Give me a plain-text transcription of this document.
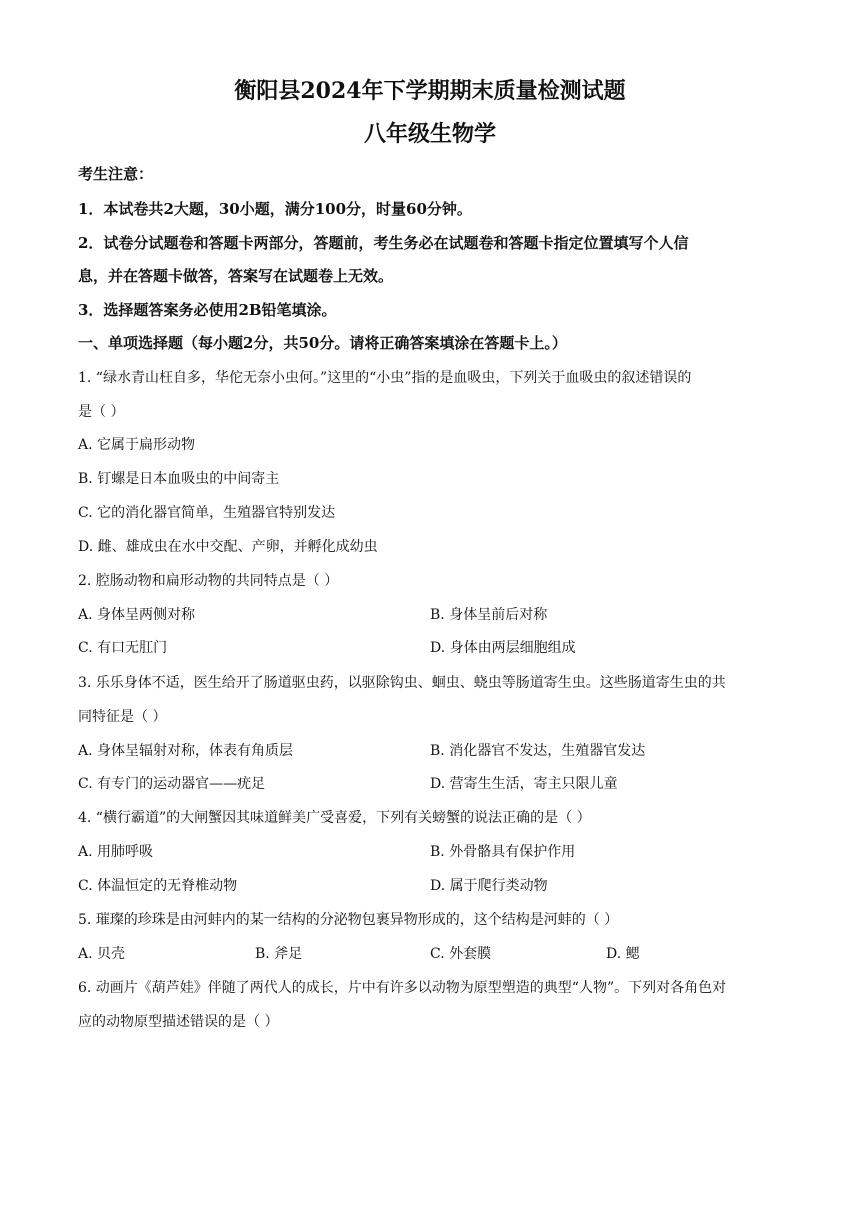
衡阳县2024年下学期期末质量检测试题
八年级生物学
考生注意：
1．本试卷共2大题，30小题，满分100分，时量60分钟。
2．试卷分试题卷和答题卡两部分，答题前，考生务必在试题卷和答题卡指定位置填写个人信
息，并在答题卡做答，答案写在试题卷上无效。
3．选择题答案务必使用2B铅笔填涂。
一、单项选择题（每小题2分，共50分。请将正确答案填涂在答题卡上。）
1. “绿水青山枉自多，华佗无奈小虫何。”这里的“小虫”指的是血吸虫，下列关于血吸虫的叙述错误的
是（ ）
A. 它属于扁形动物
B. 钉螺是日本血吸虫的中间寄主
C. 它的消化器官简单，生殖器官特别发达
D. 雌、雄成虫在水中交配、产卵，并孵化成幼虫
2. 腔肠动物和扁形动物的共同特点是（ ）
A. 身体呈两侧对称	B. 身体呈前后对称
C. 有口无肛门	D. 身体由两层细胞组成
3. 乐乐身体不适，医生给开了肠道驱虫药，以驱除钩虫、蛔虫、蛲虫等肠道寄生虫。这些肠道寄生虫的共
同特征是（ ）
A. 身体呈辐射对称，体表有角质层	B. 消化器官不发达，生殖器官发达
C. 有专门的运动器官——疣足	D. 营寄生生活，寄主只限儿童
4. “横行霸道”的大闸蟹因其味道鲜美广受喜爱，下列有关螃蟹的说法正确的是（ ）
A. 用肺呼吸	B. 外骨骼具有保护作用
C. 体温恒定的无脊椎动物	D. 属于爬行类动物
5. 璀璨的珍珠是由河蚌内的某一结构的分泌物包裹异物形成的，这个结构是河蚌的（ ）
A. 贝壳	B. 斧足	C. 外套膜	D. 鳃
6. 动画片《葫芦娃》伴随了两代人的成长，片中有许多以动物为原型塑造的典型“人物”。下列对各角色对
应的动物原型描述错误的是（ ）
